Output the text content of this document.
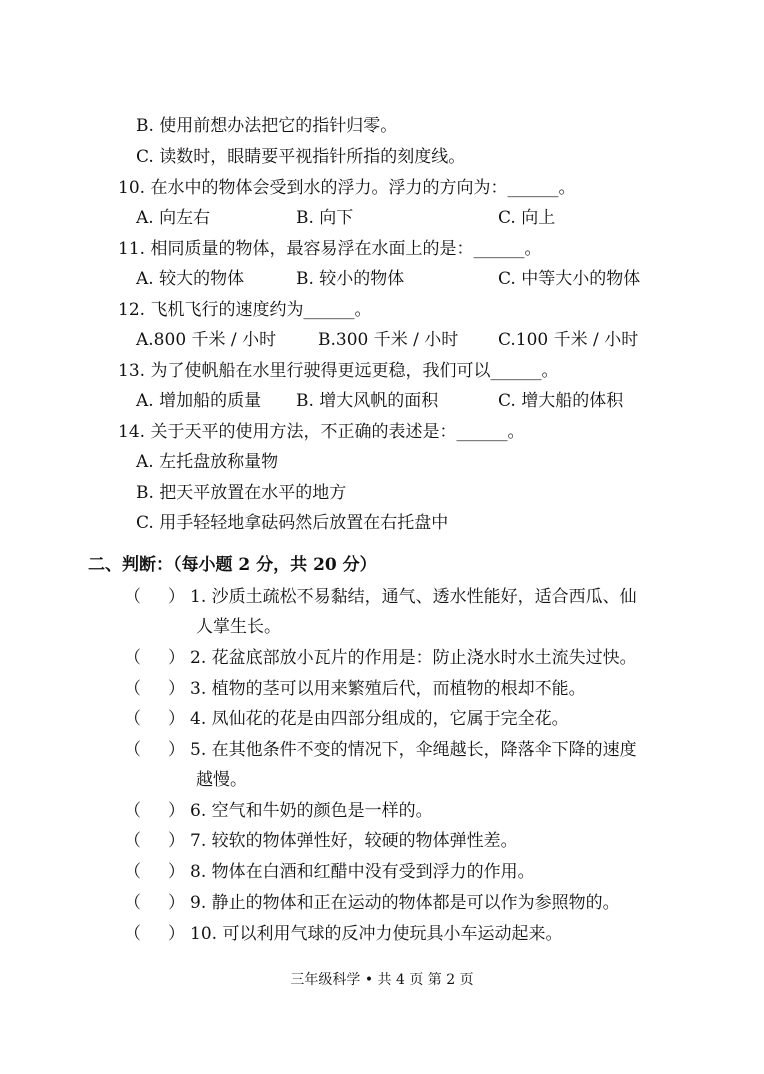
B. 使用前想办法把它的指针归零。
C. 读数时，眼睛要平视指针所指的刻度线。
10. 在水中的物体会受到水的浮力。浮力的方向为：______。
A. 向左右	B. 向下	C. 向上
11. 相同质量的物体，最容易浮在水面上的是：______。
A. 较大的物体	B. 较小的物体	C. 中等大小的物体
12. 飞机飞行的速度约为______。
A.800 千米 / 小时 B.300 千米 / 小时 C.100 千米 / 小时
13. 为了使帆船在水里行驶得更远更稳，我们可以______。
A. 增加船的质量 B. 增大风帆的面积	C. 增大船的体积
14. 关于天平的使用方法，不正确的表述是：______。
A. 左托盘放称量物
B. 把天平放置在水平的地方
C. 用手轻轻地拿砝码然后放置在右托盘中
二、判断：（每小题 2 分，共 20 分）
（ ） 1. 沙质土疏松不易黏结，通气、透水性能好，适合西瓜、仙
人掌生长。
（ ） 2. 花盆底部放小瓦片的作用是：防止浇水时水土流失过快。
（ ） 3. 植物的茎可以用来繁殖后代，而植物的根却不能。
（ ） 4. 凤仙花的花是由四部分组成的，它属于完全花。
（ ） 5. 在其他条件不变的情况下，伞绳越长，降落伞下降的速度
越慢。
（ ） 6. 空气和牛奶的颜色是一样的。
（ ） 7. 较软的物体弹性好，较硬的物体弹性差。
（ ） 8. 物体在白酒和红醋中没有受到浮力的作用。
（ ） 9. 静止的物体和正在运动的物体都是可以作为参照物的。
（ ） 10. 可以利用气球的反冲力使玩具小车运动起来。
三年级科学 • 共 4 页 第 2 页
